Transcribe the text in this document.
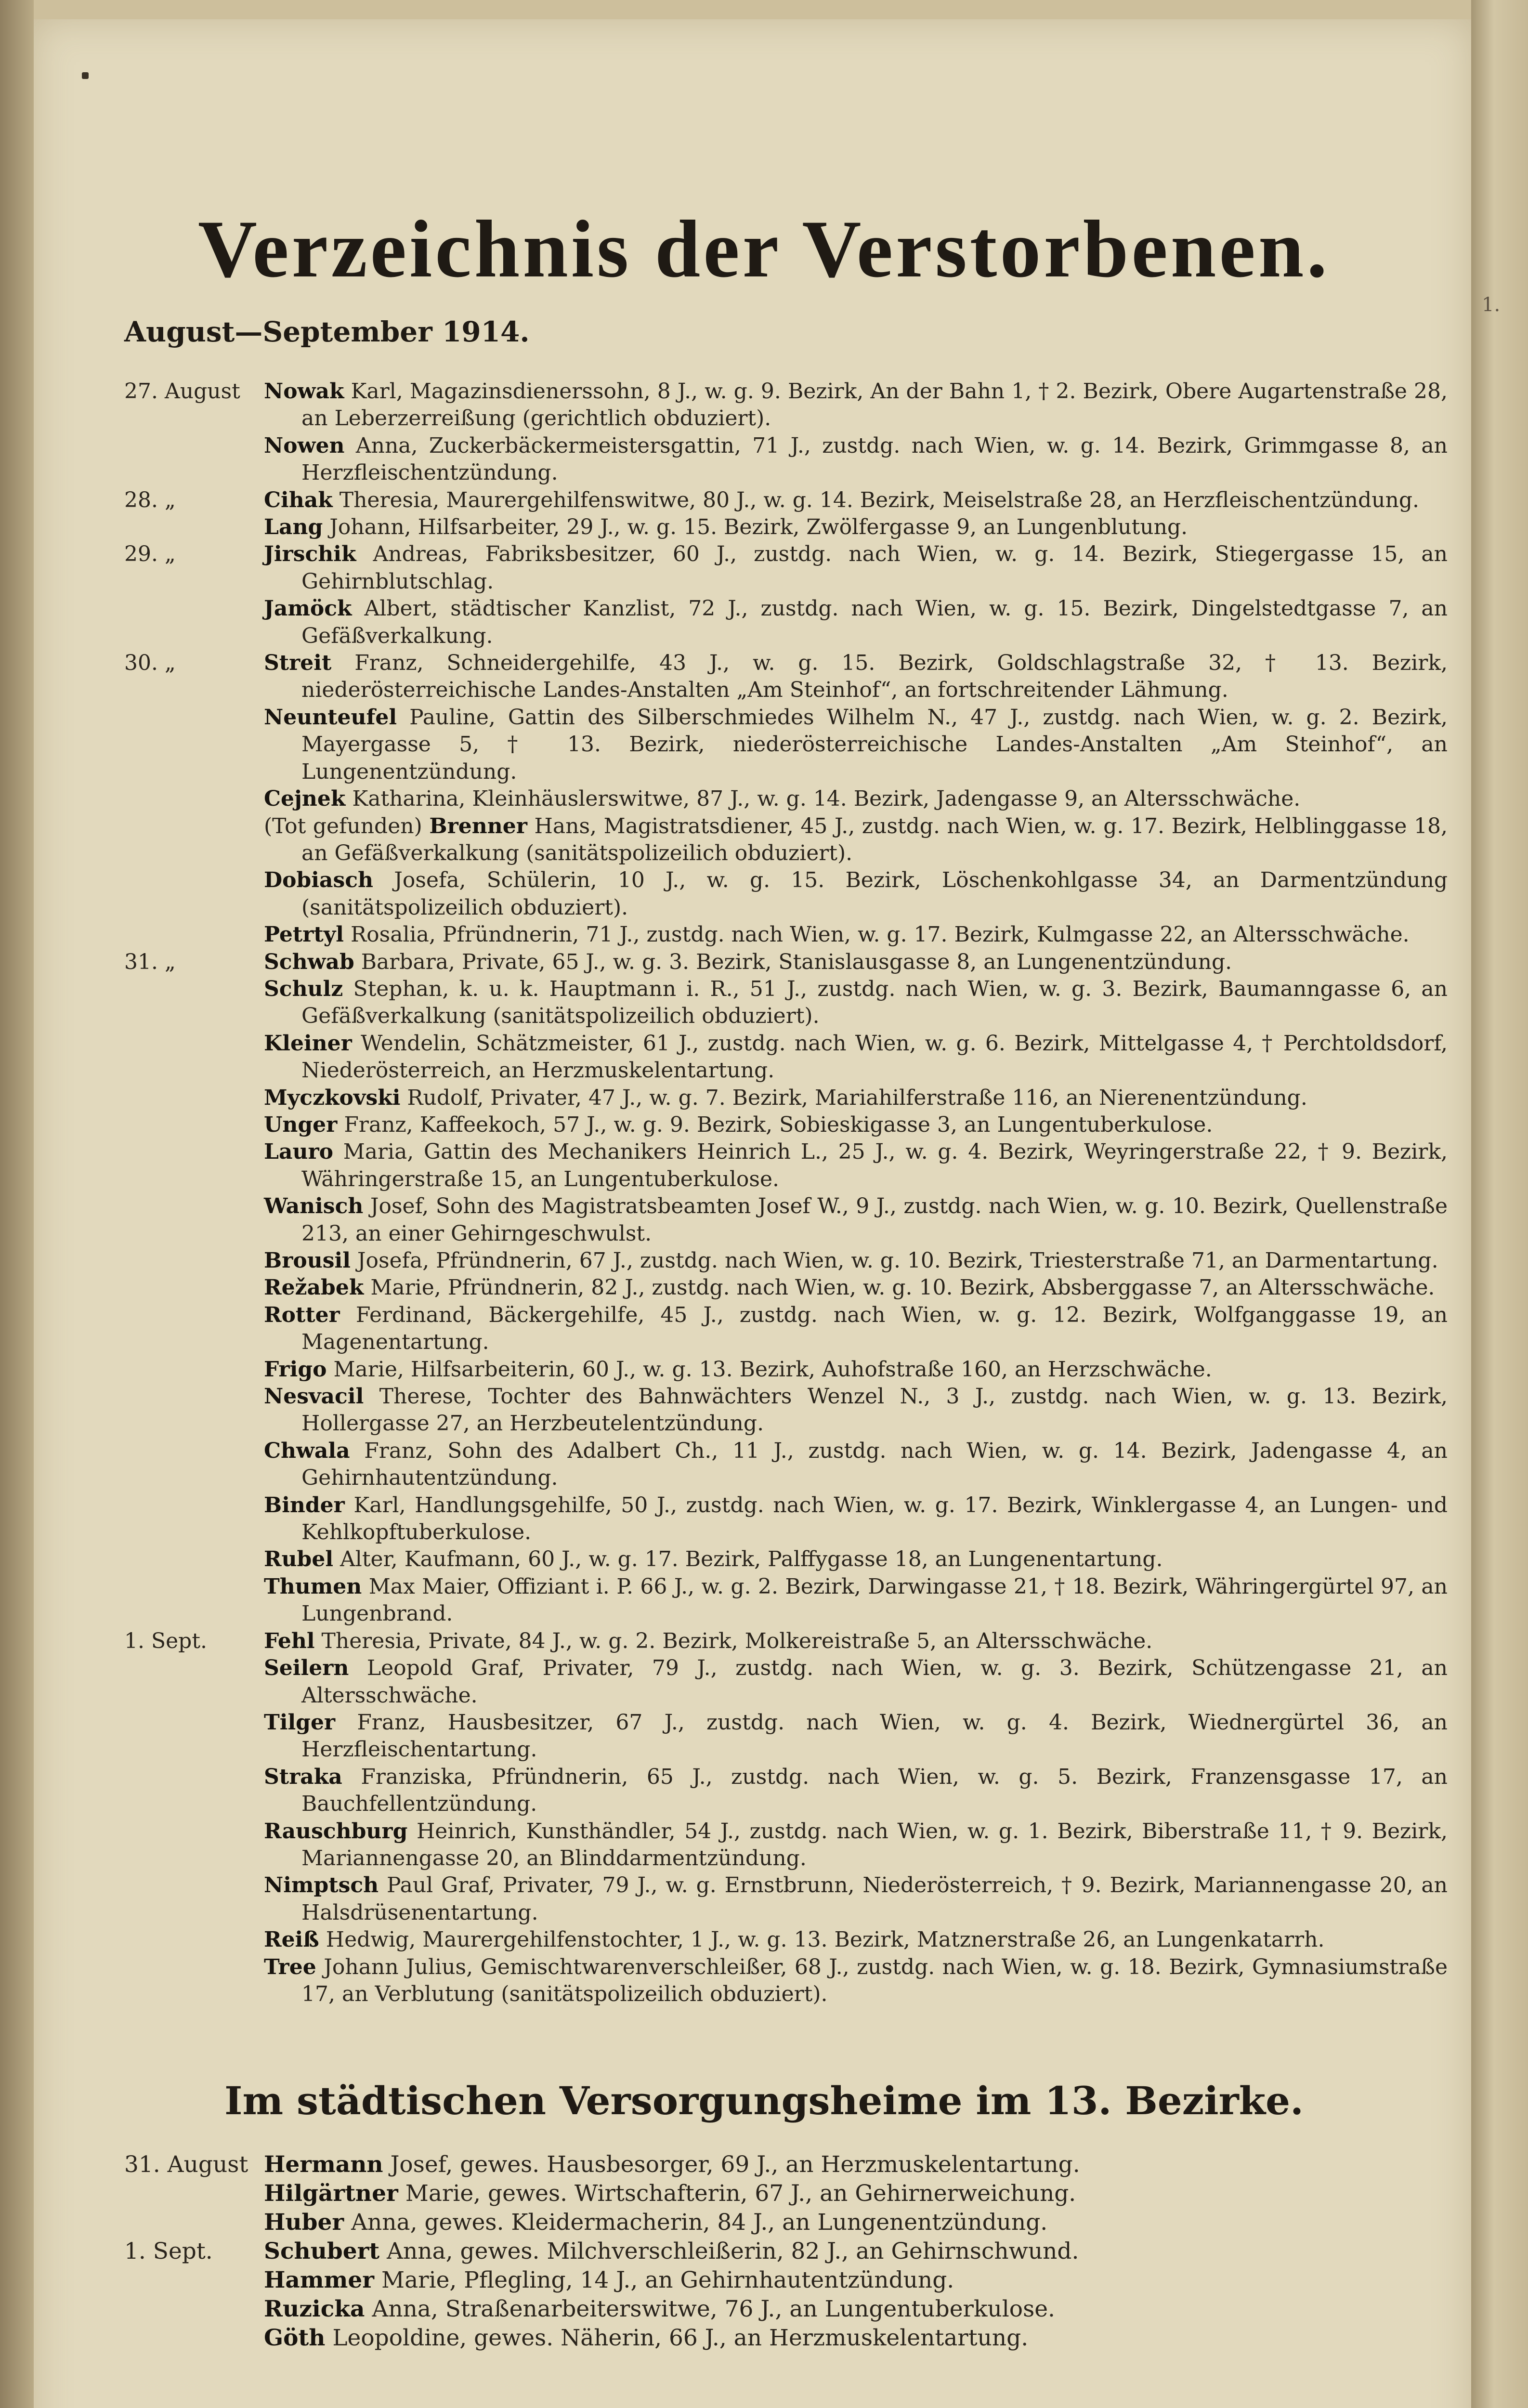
1.
Verzeichnis der Verstorbenen.

August—September 1914.

27. August	Nowak Karl, Magazinsdienerssohn, 8 J., w. g. 9. Bezirk, An der Bahn 1, † 2. Bezirk, Obere Augartenstraße 28, an Leberzerreißung (gerichtlich obduziert).
Nowen Anna, Zuckerbäckermeistersgattin, 71 J., zustdg. nach Wien, w. g. 14. Bezirk, Grimmgasse 8, an Herzfleischentzündung.
28. „	Cihak Theresia, Maurergehilfenswitwe, 80 J., w. g. 14. Bezirk, Meiselstraße 28, an Herzfleischentzündung.
Lang Johann, Hilfsarbeiter, 29 J., w. g. 15. Bezirk, Zwölfergasse 9, an Lungenblutung.
29. „	Jirschik Andreas, Fabriksbesitzer, 60 J., zustdg. nach Wien, w. g. 14. Bezirk, Stiegergasse 15, an Gehirnblutschlag.
Jamöck Albert, städtischer Kanzlist, 72 J., zustdg. nach Wien, w. g. 15. Bezirk, Dingelstedtgasse 7, an Gefäßverkalkung.
30. „	Streit Franz, Schneidergehilfe, 43 J., w. g. 15. Bezirk, Goldschlagstraße 32, † 13. Bezirk, niederösterreichische Landes-Anstalten „Am Steinhof“, an fortschreitender Lähmung.
Neunteufel Pauline, Gattin des Silberschmiedes Wilhelm N., 47 J., zustdg. nach Wien, w. g. 2. Bezirk, Mayergasse 5, † 13. Bezirk, niederösterreichische Landes-Anstalten „Am Steinhof“, an Lungenentzündung.
Cejnek Katharina, Kleinhäuslerswitwe, 87 J., w. g. 14. Bezirk, Jadengasse 9, an Altersschwäche.
(Tot gefunden) Brenner Hans, Magistratsdiener, 45 J., zustdg. nach Wien, w. g. 17. Bezirk, Helblinggasse 18, an Gefäßverkalkung (sanitätspolizeilich obduziert).
Dobiasch Josefa, Schülerin, 10 J., w. g. 15. Bezirk, Löschenkohlgasse 34, an Darmentzündung (sanitätspolizeilich obduziert).
Petrtyl Rosalia, Pfründnerin, 71 J., zustdg. nach Wien, w. g. 17. Bezirk, Kulmgasse 22, an Altersschwäche.
31. „	Schwab Barbara, Private, 65 J., w. g. 3. Bezirk, Stanislausgasse 8, an Lungenentzündung.
Schulz Stephan, k. u. k. Hauptmann i. R., 51 J., zustdg. nach Wien, w. g. 3. Bezirk, Baumanngasse 6, an Gefäßverkalkung (sanitätspolizeilich obduziert).
Kleiner Wendelin, Schätzmeister, 61 J., zustdg. nach Wien, w. g. 6. Bezirk, Mittelgasse 4, † Perchtoldsdorf, Niederösterreich, an Herzmuskelentartung.
Myczkovski Rudolf, Privater, 47 J., w. g. 7. Bezirk, Mariahilferstraße 116, an Nierenentzündung.
Unger Franz, Kaffeekoch, 57 J., w. g. 9. Bezirk, Sobieskigasse 3, an Lungentuberkulose.
Lauro Maria, Gattin des Mechanikers Heinrich L., 25 J., w. g. 4. Bezirk, Weyringerstraße 22, † 9. Bezirk, Währingerstraße 15, an Lungentuberkulose.
Wanisch Josef, Sohn des Magistratsbeamten Josef W., 9 J., zustdg. nach Wien, w. g. 10. Bezirk, Quellenstraße 213, an einer Gehirngeschwulst.
Brousil Josefa, Pfründnerin, 67 J., zustdg. nach Wien, w. g. 10. Bezirk, Triesterstraße 71, an Darmentartung.
Režabek Marie, Pfründnerin, 82 J., zustdg. nach Wien, w. g. 10. Bezirk, Absberggasse 7, an Altersschwäche.
Rotter Ferdinand, Bäckergehilfe, 45 J., zustdg. nach Wien, w. g. 12. Bezirk, Wolfganggasse 19, an Magenentartung.
Frigo Marie, Hilfsarbeiterin, 60 J., w. g. 13. Bezirk, Auhofstraße 160, an Herzschwäche.
Nesvacil Therese, Tochter des Bahnwächters Wenzel N., 3 J., zustdg. nach Wien, w. g. 13. Bezirk, Hollergasse 27, an Herzbeutelentzündung.
Chwala Franz, Sohn des Adalbert Ch., 11 J., zustdg. nach Wien, w. g. 14. Bezirk, Jadengasse 4, an Gehirnhautentzündung.
Binder Karl, Handlungsgehilfe, 50 J., zustdg. nach Wien, w. g. 17. Bezirk, Winklergasse 4, an Lungen- und Kehlkopftuberkulose.
Rubel Alter, Kaufmann, 60 J., w. g. 17. Bezirk, Palffygasse 18, an Lungenentartung.
Thumen Max Maier, Offiziant i. P. 66 J., w. g. 2. Bezirk, Darwingasse 21, † 18. Bezirk, Währingergürtel 97, an Lungenbrand.
1. Sept.	Fehl Theresia, Private, 84 J., w. g. 2. Bezirk, Molkereistraße 5, an Altersschwäche.
Seilern Leopold Graf, Privater, 79 J., zustdg. nach Wien, w. g. 3. Bezirk, Schützengasse 21, an Altersschwäche.
Tilger Franz, Hausbesitzer, 67 J., zustdg. nach Wien, w. g. 4. Bezirk, Wiednergürtel 36, an Herzfleischentartung.
Straka Franziska, Pfründnerin, 65 J., zustdg. nach Wien, w. g. 5. Bezirk, Franzensgasse 17, an Bauchfellentzündung.
Rauschburg Heinrich, Kunsthändler, 54 J., zustdg. nach Wien, w. g. 1. Bezirk, Biberstraße 11, † 9. Bezirk, Mariannengasse 20, an Blinddarmentzündung.
Nimptsch Paul Graf, Privater, 79 J., w. g. Ernstbrunn, Niederösterreich, † 9. Bezirk, Mariannengasse 20, an Halsdrüsenentartung.
Reiß Hedwig, Maurergehilfenstochter, 1 J., w. g. 13. Bezirk, Matznerstraße 26, an Lungenkatarrh.
Tree Johann Julius, Gemischtwarenverschleißer, 68 J., zustdg. nach Wien, w. g. 18. Bezirk, Gymnasiumstraße 17, an Verblutung (sanitätspolizeilich obduziert).
Im städtischen Versorgungsheime im 13. Bezirke.
31. August Hermann Josef, gewes. Hausbesorger, 69 J., an Herzmuskelentartung.
Hilgärtner Marie, gewes. Wirtschafterin, 67 J., an Gehirnerweichung.
Huber Anna, gewes. Kleidermacherin, 84 J., an Lungenentzündung.
1. Sept.	Schubert Anna, gewes. Milchverschleißerin, 82 J., an Gehirnschwund.
Hammer Marie, Pflegling, 14 J., an Gehirnhautentzündung.
Ruzicka Anna, Straßenarbeiterswitwe, 76 J., an Lungentuberkulose.
Göth Leopoldine, gewes. Näherin, 66 J., an Herzmuskelentartung.
